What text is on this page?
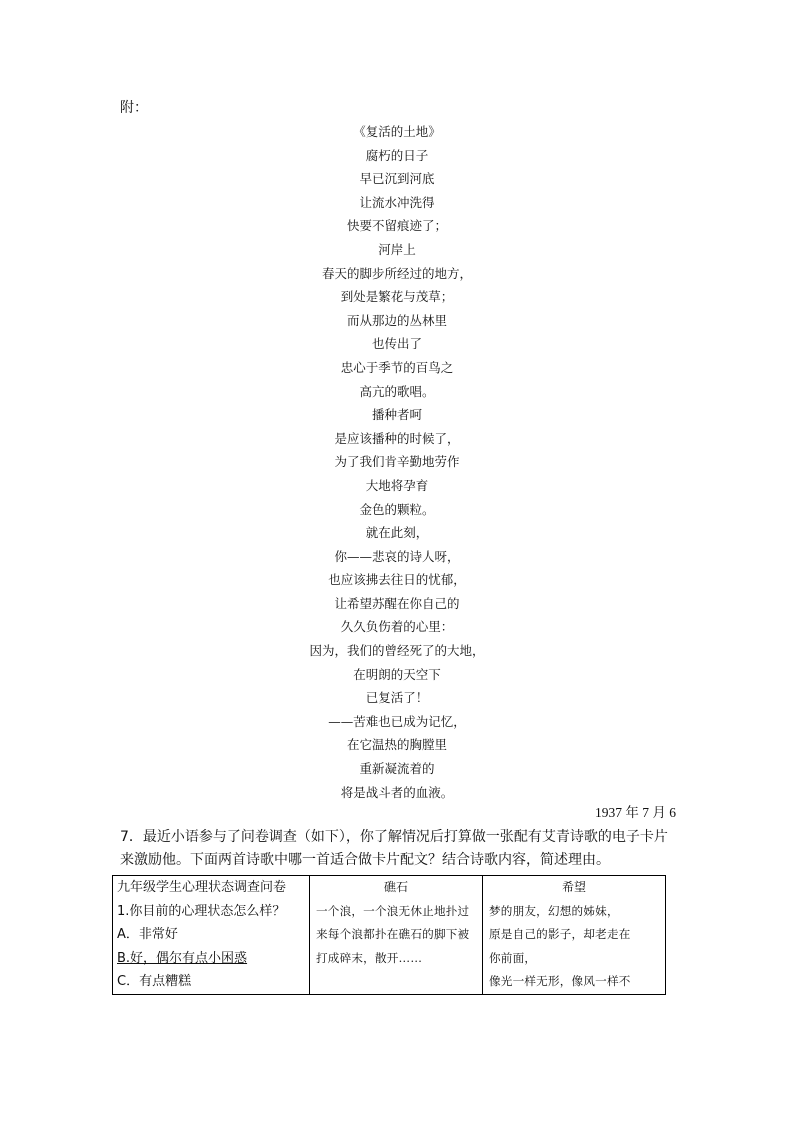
附：
《复活的土地》
腐朽的日子
早已沉到河底
让流水冲洗得
快要不留痕迹了；
河岸上
春天的脚步所经过的地方，
到处是繁花与茂草；
而从那边的丛林里
也传出了
忠心于季节的百鸟之
高亢的歌唱。
播种者呵
是应该播种的时候了，
为了我们肯辛勤地劳作
大地将孕育
金色的颗粒。
就在此刻，
你——悲哀的诗人呀，
也应该拂去往日的忧郁，
让希望苏醒在你自己的
久久负伤着的心里：
因为，我们的曾经死了的大地，
在明朗的天空下
已复活了！
——苦难也已成为记忆，
在它温热的胸膛里
重新凝流着的
将是战斗者的血液。
1937 年 7 月 6

7．最近小语参与了问卷调查（如下），你了解情况后打算做一张配有艾青诗歌的电子卡片来激励他。下面两首诗歌中哪一首适合做卡片配文？结合诗歌内容，简述理由。

九年级学生心理状态调查问卷
1.你目前的心理状态怎么样？
A．非常好
B.好，偶尔有点小困惑
C．有点糟糕

礁石
一个浪，一个浪无休止地扑过来每个浪都扑在礁石的脚下被打成碎末，散开……

希望
梦的朋友，幻想的姊妹，
原是自己的影子，却老走在
你前面，
像光一样无形，像风一样不
